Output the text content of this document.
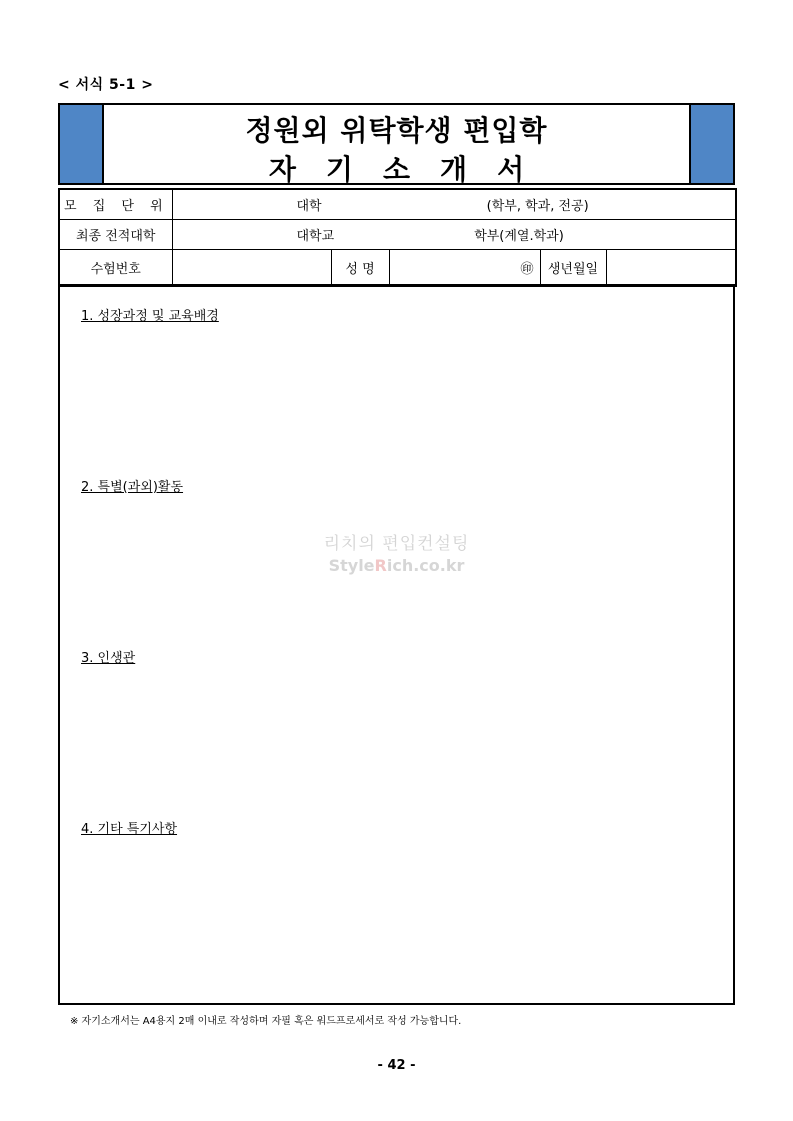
< 서식 5-1 >
정원외 위탁학생 편입학
자기소개서
모 집 단 위	대학 (학부, 학과, 전공)				
최종 전적대학	대학교 학부(계열.학과)				
수험번호		성 명	㊞	생년월일	
1. 성장과정 및 교육배경
2. 특별(과외)활동
3. 인생관
4. 기타 특기사항
리치의 편입컨설팅
StyleRich.co.kr
※ 자기소개서는 A4용지 2매 이내로 작성하며 자필 혹은 워드프로세서로 작성 가능합니다.
- 42 -
